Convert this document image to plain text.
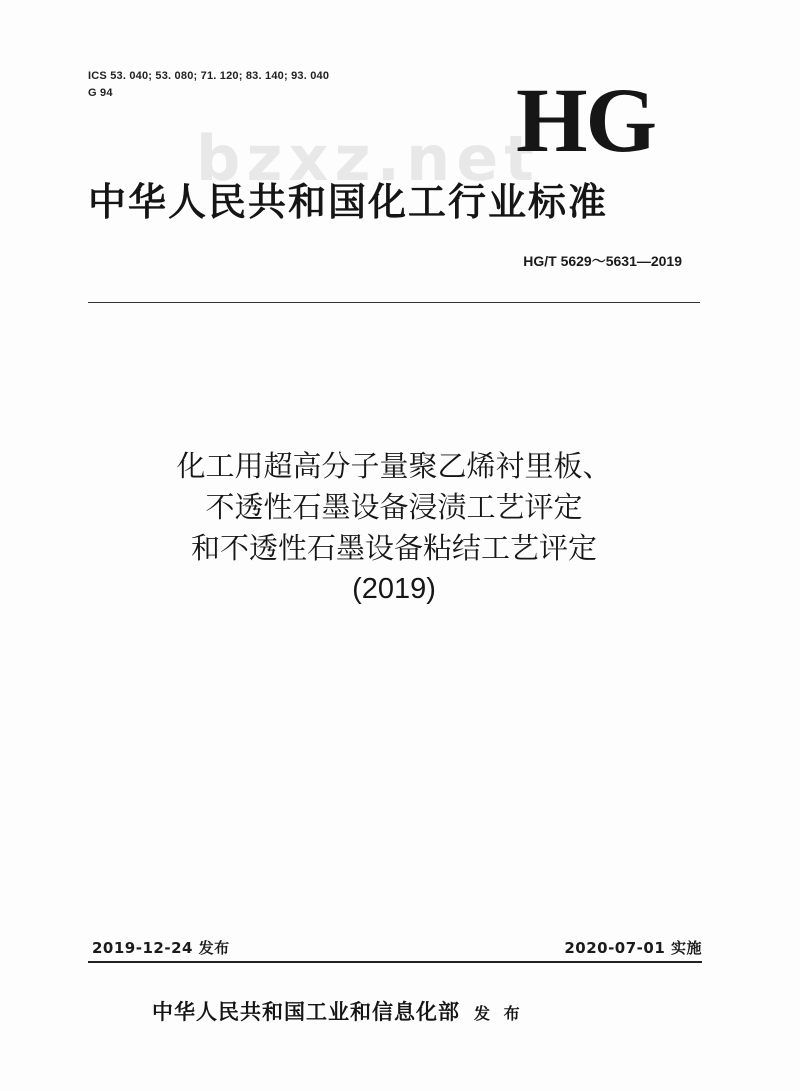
ICS 53. 040; 53. 080; 71. 120; 83. 140; 93. 040
G 94
bzxz.net
HG
中华人民共和国化工行业标准
HG/T 5629～5631—2019
化工用超高分子量聚乙烯衬里板、
不透性石墨设备浸渍工艺评定
和不透性石墨设备粘结工艺评定
(2019)
2019-12-24 发布	2020-07-01 实施
中华人民共和国工业和信息化部 发 布
